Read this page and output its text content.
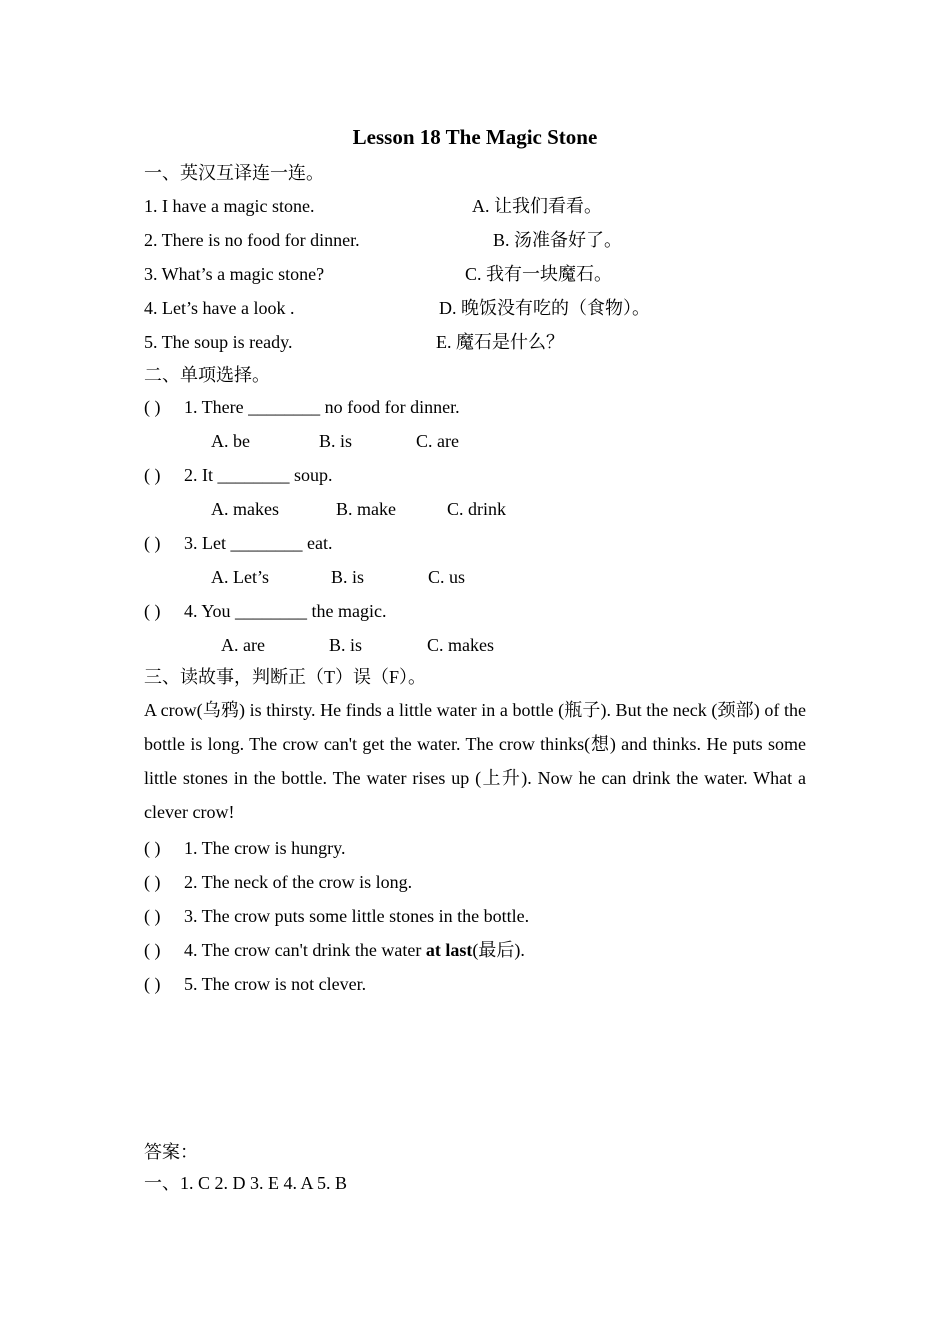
Lesson 18 The Magic Stone
一、英汉互译连一连。
1. I have a magic stone.	A. 让我们看看。
2. There is no food for dinner.	B. 汤准备好了。
3. What’s a magic stone?	C. 我有一块魔石。
4. Let’s have a look .	D. 晚饭没有吃的（食物）。
5. The soup is ready.	E. 魔石是什么？
二、单项选择。
( ) 1. There ________ no food for dinner.
A. be	B. is	C. are
( ) 2. It ________ soup.
A. makes	B. make	C. drink
( ) 3. Let ________ eat.
A. Let’s	B. is	C. us
( ) 4. You ________ the magic.
A. are	B. is	C. makes
三、读故事，判断正（T）误（F）。
A crow(乌鸦) is thirsty. He finds a little water in a bottle (瓶子). But the neck (颈部) of the bottle is long. The crow can't get the water. The crow thinks(想) and thinks. He puts some little stones in the bottle. The water rises up (上升). Now he can drink the water. What a clever crow!
( ) 1. The crow is hungry.
( ) 2. The neck of the crow is long.
( ) 3. The crow puts some little stones in the bottle.
( ) 4. The crow can't drink the water at last(最后).
( ) 5. The crow is not clever.
答案：
一、1. C 2. D 3. E 4. A 5. B
